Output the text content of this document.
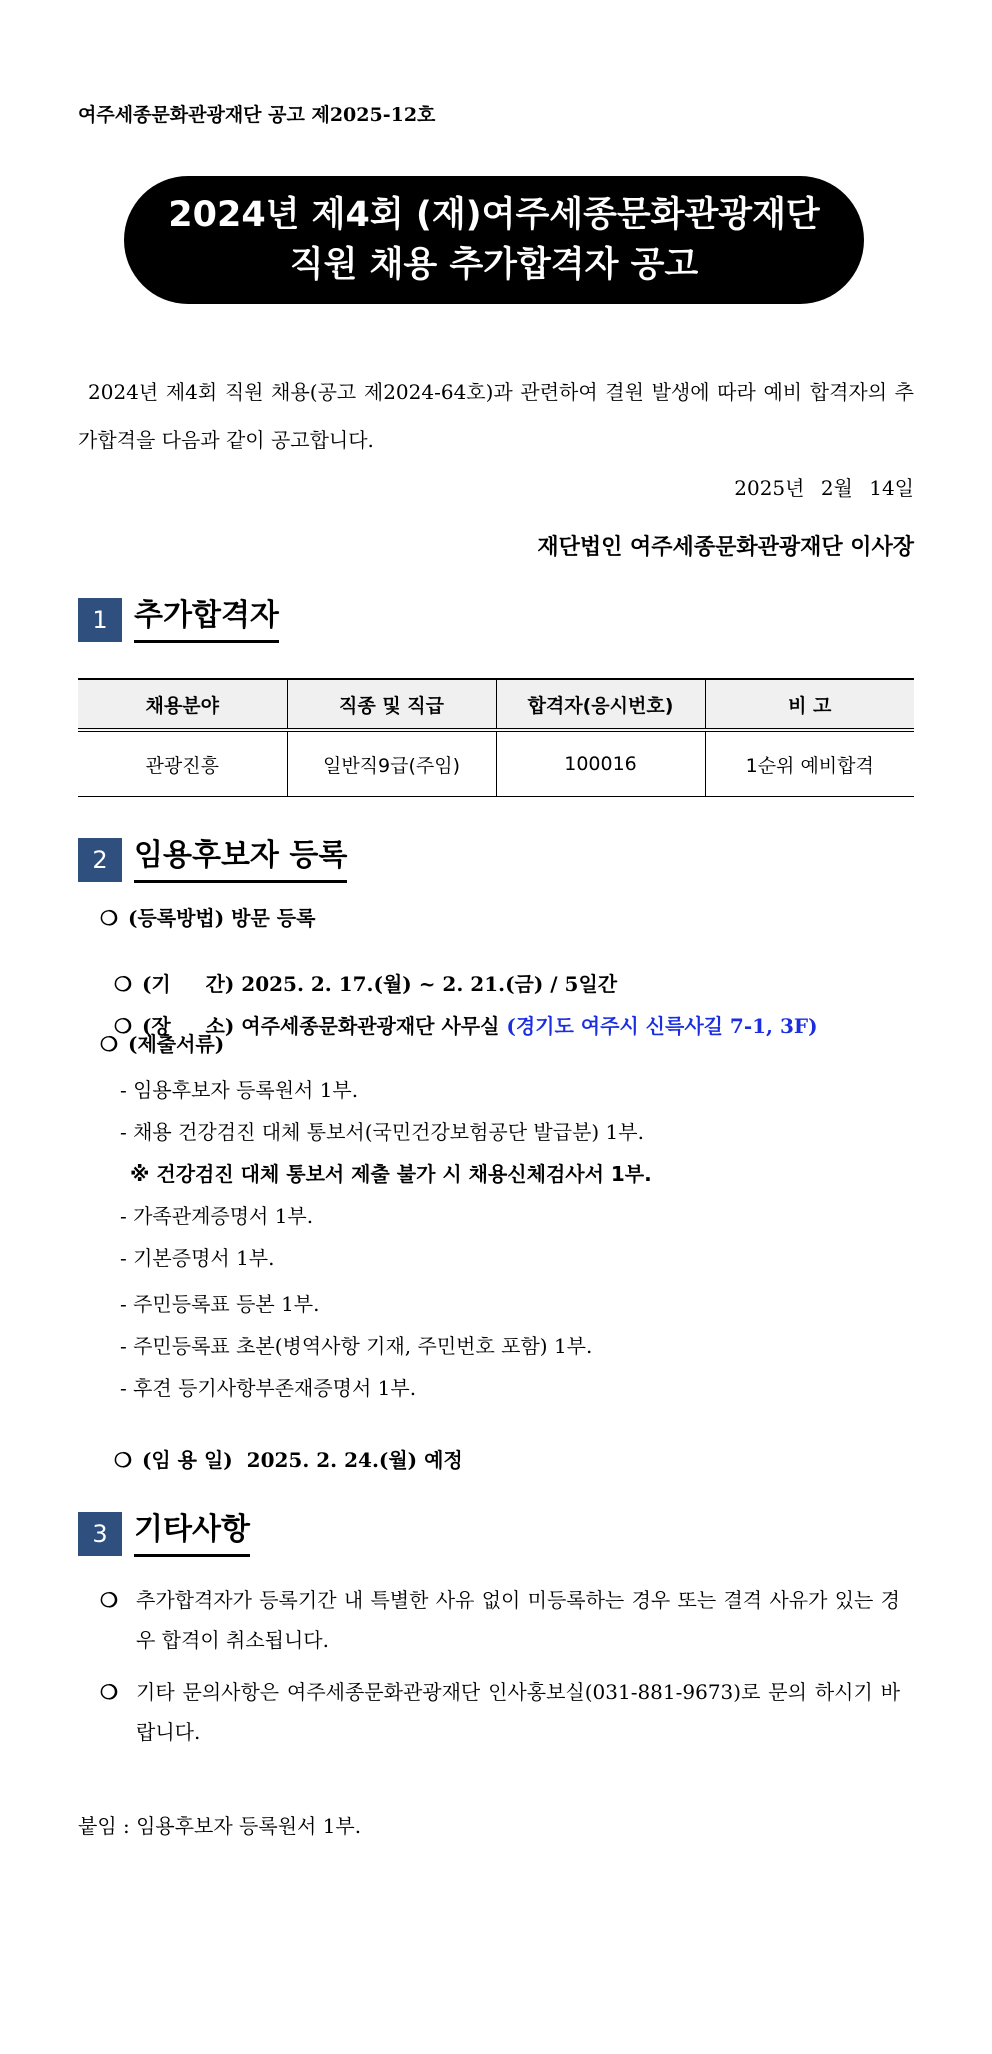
여주세종문화관광재단 공고 제2025-12호
2024년 제4회 (재)여주세종문화관광재단
직원 채용 추가합격자 공고
2024년 제4회 직원 채용(공고 제2024-64호)과 관련하여 결원 발생에 따라 예비 합격자의 추가합격을 다음과 같이 공고합니다.
2025년 2월 14일
재단법인 여주세종문화관광재단 이사장
1 추가합격자
채용분야	직종 및 직급	합격자(응시번호)	비 고
관광진흥	일반직9급(주임)	100016	1순위 예비합격
2 임용후보자 등록
❍ (등록방법) 방문 등록

❍ (기     간) 2025. 2. 17.(월) ~ 2. 21.(금) / 5일간

❍ (장     소) 여주세종문화관광재단 사무실 (경기도 여주시 신륵사길 7-1, 3F)

❍ (제출서류)
- 임용후보자 등록원서 1부.
- 채용 건강검진 대체 통보서(국민건강보험공단 발급분) 1부.
※ 건강검진 대체 통보서 제출 불가 시 채용신체검사서 1부.
- 가족관계증명서 1부.
- 기본증명서 1부.
- 주민등록표 등본 1부.
- 주민등록표 초본(병역사항 기재, 주민번호 포함) 1부.
- 후견 등기사항부존재증명서 1부.

❍ (임 용 일)  2025. 2. 24.(월) 예정

3 기타사항
❍ 추가합격자가 등록기간 내 특별한 사유 없이 미등록하는 경우 또는 결격 사유가 있는 경우 합격이 취소됩니다.
❍ 기타 문의사항은 여주세종문화관광재단 인사홍보실(031-881-9673)로 문의 하시기 바랍니다.
붙임 : 임용후보자 등록원서 1부.
